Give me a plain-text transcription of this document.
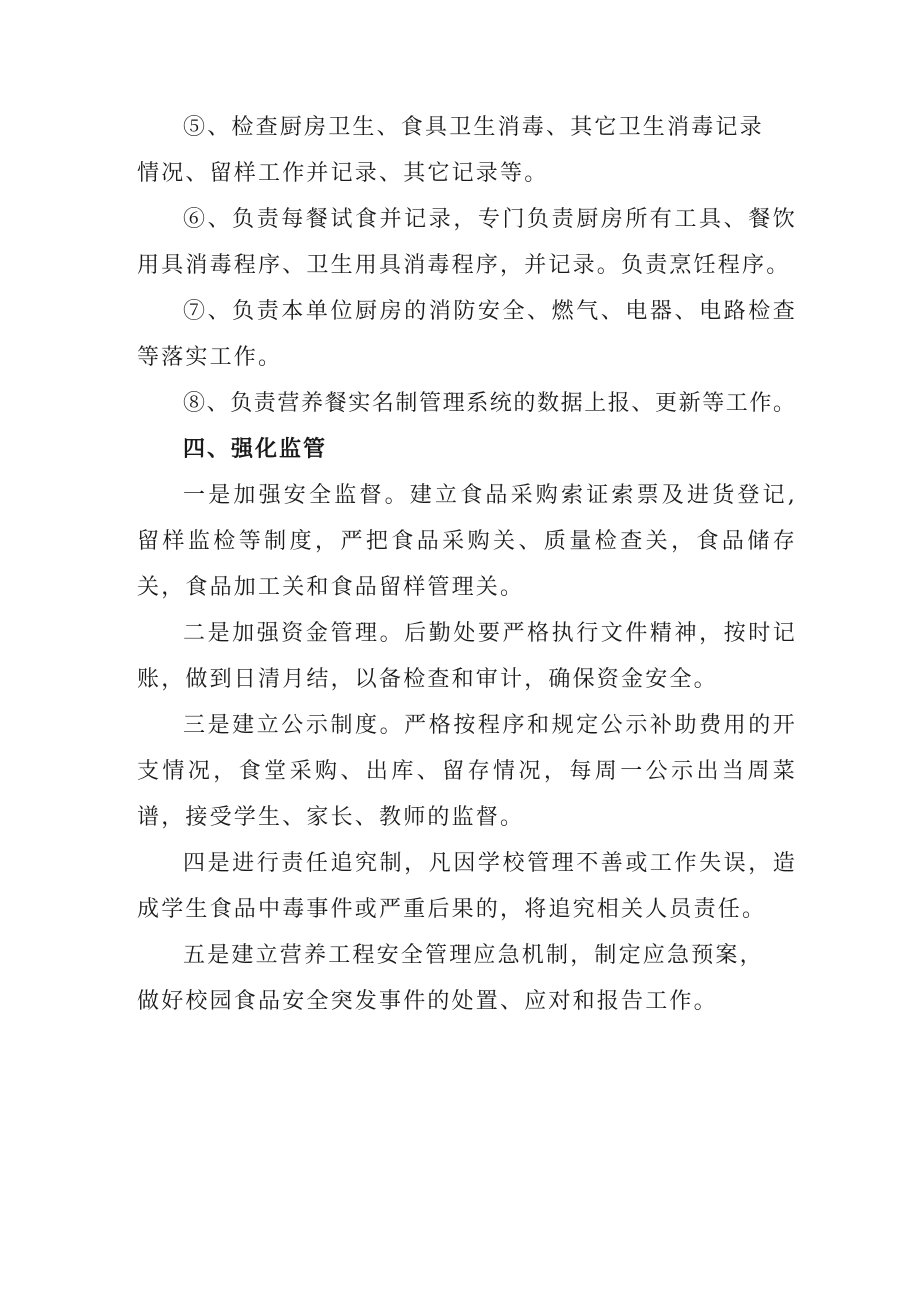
⑤、检查厨房卫生、食具卫生消毒、其它卫生消毒记录
情况、留样工作并记录、其它记录等。

⑥、负责每餐试食并记录，专门负责厨房所有工具、餐饮用具消毒程序、卫生用具消毒程序，并记录。负责烹饪程序。

⑦、负责本单位厨房的消防安全、燃气、电器、电路检查等落实工作。

⑧、负责营养餐实名制管理系统的数据上报、更新等工作。

四、强化监管

一是加强安全监督。建立食品采购索证索票及进货登记,留样监检等制度，严把食品采购关、质量检查关，食品储存关，食品加工关和食品留样管理关。

二是加强资金管理。后勤处要严格执行文件精神，按时记账，做到日清月结，以备检查和审计，确保资金安全。

三是建立公示制度。严格按程序和规定公示补助费用的开支情况，食堂采购、出库、留存情况，每周一公示出当周菜谱，接受学生、家长、教师的监督。

四是进行责任追究制，凡因学校管理不善或工作失误，造成学生食品中毒事件或严重后果的，将追究相关人员责任。

五是建立营养工程安全管理应急机制，制定应急预案，
做好校园食品安全突发事件的处置、应对和报告工作。
